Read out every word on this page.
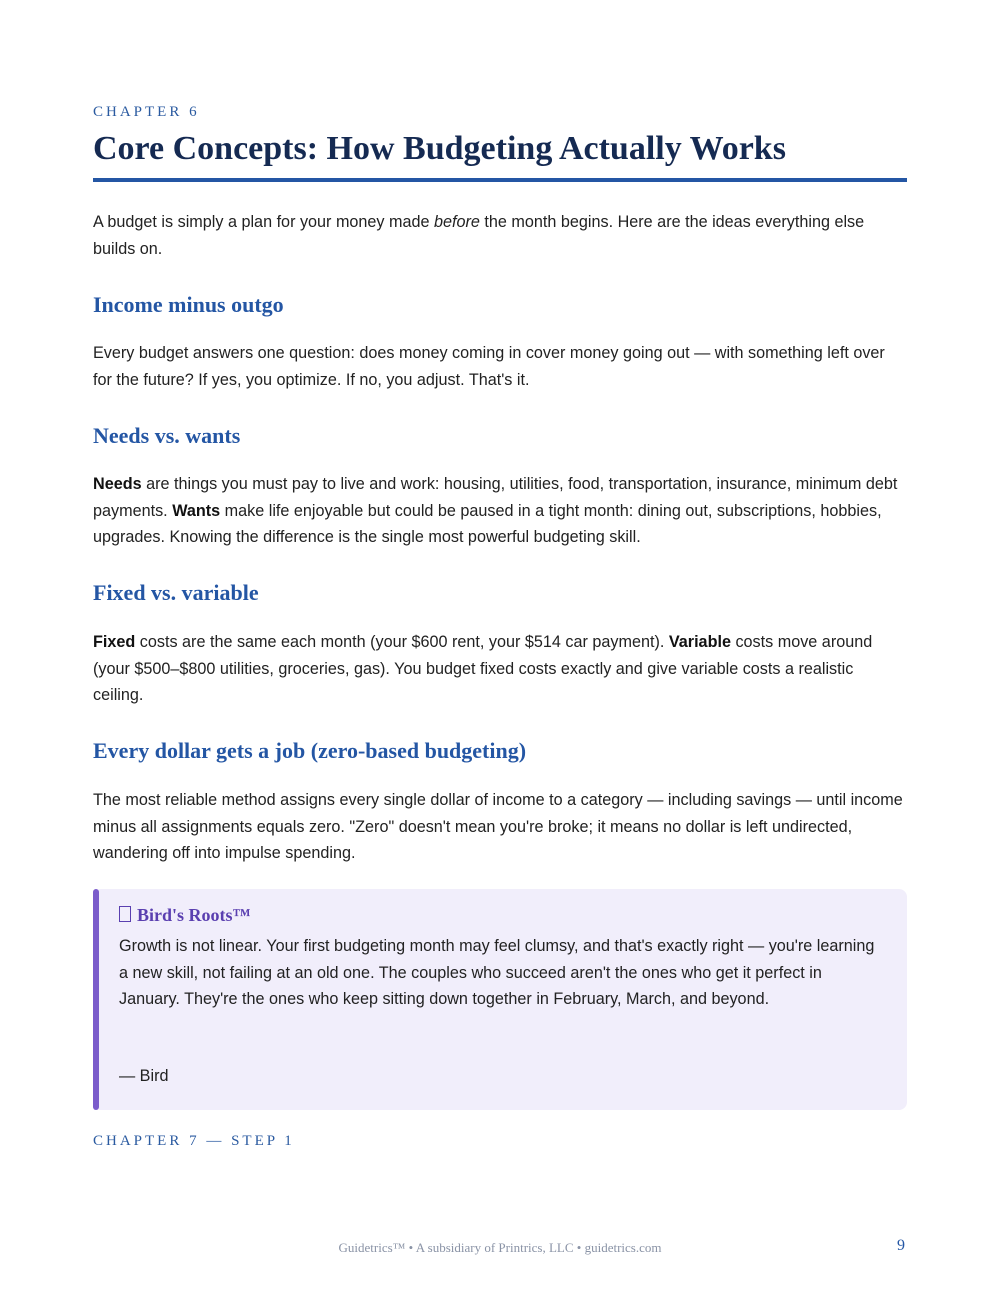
CHAPTER 6
Core Concepts: How Budgeting Actually Works

A budget is simply a plan for your money made before the month begins. Here are the ideas everything else builds on.

Income minus outgo

Every budget answers one question: does money coming in cover money going out — with something left over for the future? If yes, you optimize. If no, you adjust. That's it.

Needs vs. wants

Needs are things you must pay to live and work: housing, utilities, food, transportation, insurance, minimum debt payments. Wants make life enjoyable but could be paused in a tight month: dining out, subscriptions, hobbies, upgrades. Knowing the difference is the single most powerful budgeting skill.

Fixed vs. variable

Fixed costs are the same each month (your $600 rent, your $514 car payment). Variable costs move around (your $500–$800 utilities, groceries, gas). You budget fixed costs exactly and give variable costs a realistic ceiling.

Every dollar gets a job (zero-based budgeting)

The most reliable method assigns every single dollar of income to a category — including savings — until income minus all assignments equals zero. "Zero" doesn't mean you're broke; it means no dollar is left undirected, wandering off into impulse spending.

Bird's Roots™

Growth is not linear. Your first budgeting month may feel clumsy, and that's exactly right — you're learning a new skill, not failing at an old one. The couples who succeed aren't the ones who get it perfect in January. They're the ones who keep sitting down together in February, March, and beyond.

— Bird

CHAPTER 7 — STEP 1
Guidetrics™ • A subsidiary of Printrics, LLC • guidetrics.com	9
